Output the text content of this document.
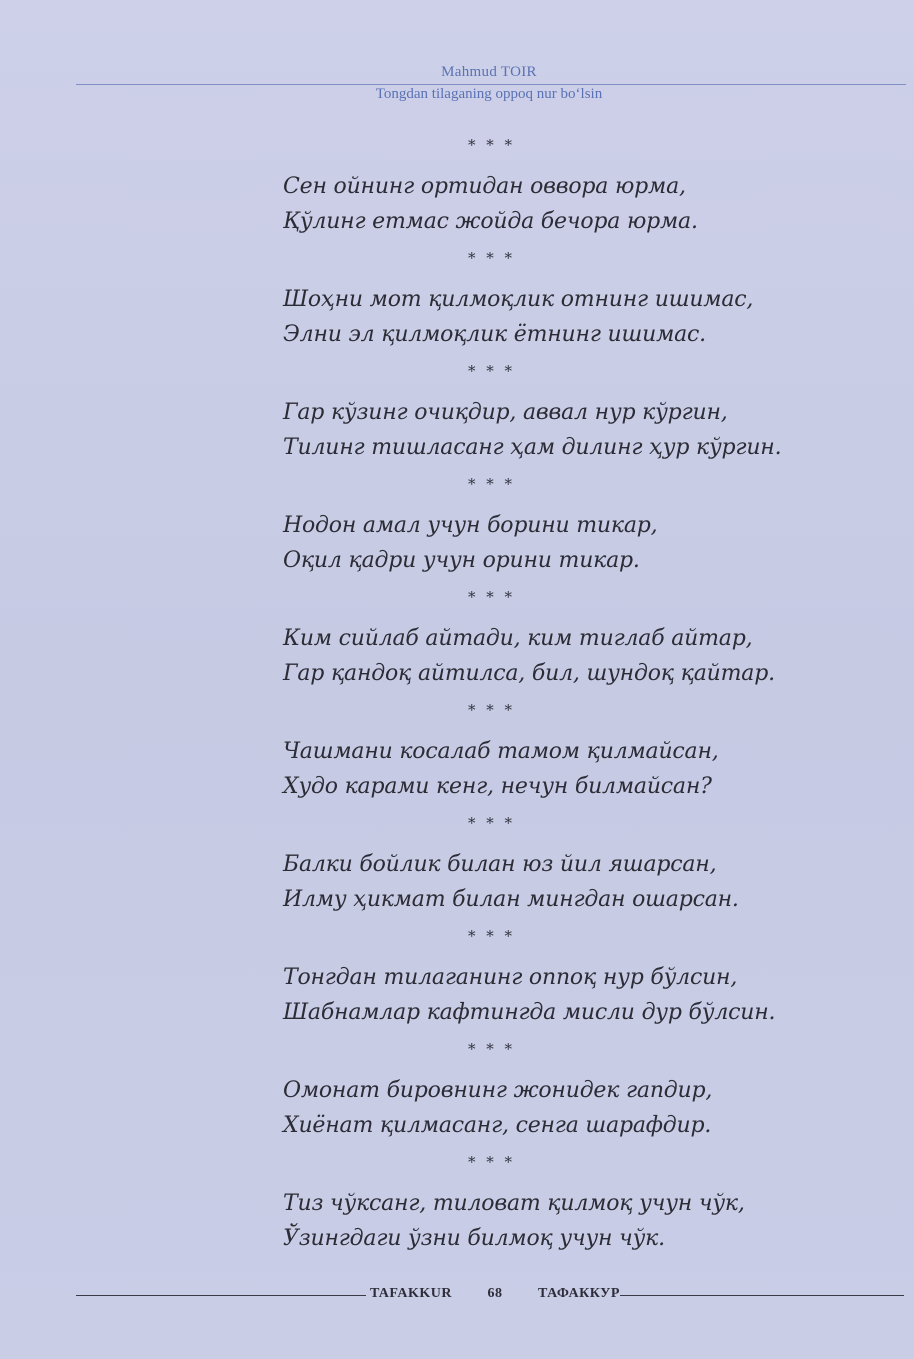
Mahmud TOIR
Tongdan tilaganing oppoq nur bo‘lsin
* * *
Сен ойнинг ортидан оввора юрма,
Қўлинг етмас жойда бечора юрма.
* * *
Шоҳни мот қилмоқлик отнинг ишимас,
Элни эл қилмоқлик ётнинг ишимас.
* * *
Гар кўзинг очиқдир, аввал нур кўргин,
Тилинг тишласанг ҳам дилинг ҳур кўргин.
* * *
Нодон амал учун борини тикар,
Оқил қадри учун орини тикар.
* * *
Ким сийлаб айтади, ким тиглаб айтар,
Гар қандоқ айтилса, бил, шундоқ қайтар.
* * *
Чашмани косалаб тамом қилмайсан,
Худо карами кенг, нечун билмайсан?
* * *
Балки бойлик билан юз йил яшарсан,
Илму ҳикмат билан мингдан ошарсан.
* * *
Тонгдан тилаганинг оппоқ нур бўлсин,
Шабнамлар кафтингда мисли дур бўлсин.
* * *
Омонат бировнинг жонидек гапдир,
Хиёнат қилмасанг, сенга шарафдир.
* * *
Тиз чўксанг, тиловат қилмоқ учун чўк,
Ўзингдаги ўзни билмоқ учун чўк.
TAFAKKUR	68	ТАФАККУР
